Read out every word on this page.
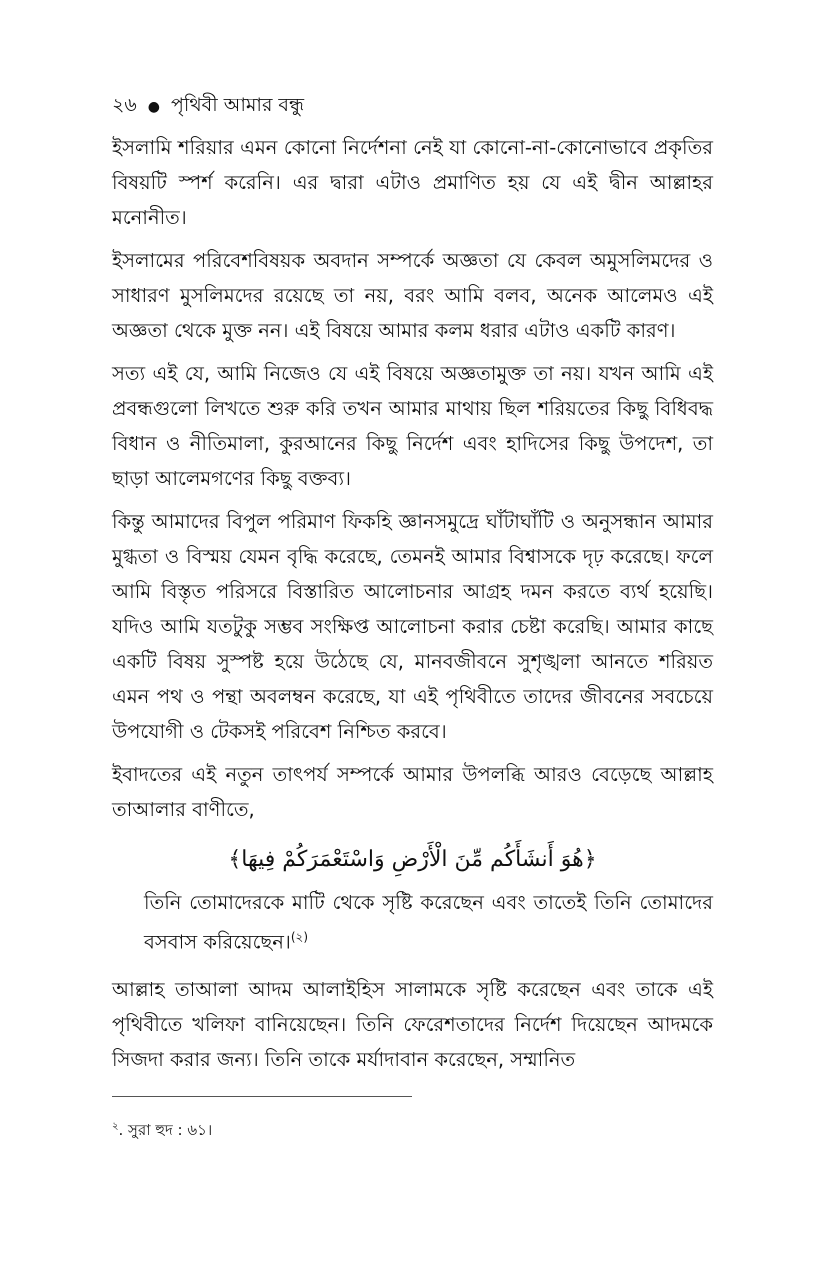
২৬ ● পৃথিবী আমার বন্ধু

ইসলামি শরিয়ার এমন কোনো নির্দেশনা নেই যা কোনো-না-কোনোভাবে প্রকৃতির বিষয়টি স্পর্শ করেনি। এর দ্বারা এটাও প্রমাণিত হয় যে এই দ্বীন আল্লাহর মনোনীত।

ইসলামের পরিবেশবিষয়ক অবদান সম্পর্কে অজ্ঞতা যে কেবল অমুসলিমদের ও সাধারণ মুসলিমদের রয়েছে তা নয়, বরং আমি বলব, অনেক আলেমও এই অজ্ঞতা থেকে মুক্ত নন। এই বিষয়ে আমার কলম ধরার এটাও একটি কারণ।

সত্য এই যে, আমি নিজেও যে এই বিষয়ে অজ্ঞতামুক্ত তা নয়। যখন আমি এই প্রবন্ধগুলো লিখতে শুরু করি তখন আমার মাথায় ছিল শরিয়তের কিছু বিধিবদ্ধ বিধান ও নীতিমালা, কুরআনের কিছু নির্দেশ এবং হাদিসের কিছু উপদেশ, তা ছাড়া আলেমগণের কিছু বক্তব্য।

কিন্তু আমাদের বিপুল পরিমাণ ফিকহি জ্ঞানসমুদ্রে ঘাঁটাঘাঁটি ও অনুসন্ধান আমার মুগ্ধতা ও বিস্ময় যেমন বৃদ্ধি করেছে, তেমনই আমার বিশ্বাসকে দৃঢ় করেছে। ফলে আমি বিস্তৃত পরিসরে বিস্তারিত আলোচনার আগ্রহ দমন করতে ব্যর্থ হয়েছি। যদিও আমি যতটুকু সম্ভব সংক্ষিপ্ত আলোচনা করার চেষ্টা করেছি। আমার কাছে একটি বিষয় সুস্পষ্ট হয়ে উঠেছে যে, মানবজীবনে সুশৃঙ্খলা আনতে শরিয়ত এমন পথ ও পন্থা অবলম্বন করেছে, যা এই পৃথিবীতে তাদের জীবনের সবচেয়ে উপযোগী ও টেকসই পরিবেশ নিশ্চিত করবে।

ইবাদতের এই নতুন তাৎপর্য সম্পর্কে আমার উপলব্ধি আরও বেড়েছে আল্লাহ তাআলার বাণীতে,

﴿هُوَ أَنشَأَكُم مِّنَ الْأَرْضِ وَاسْتَعْمَرَكُمْ فِيهَا﴾

তিনি তোমাদেরকে মাটি থেকে সৃষ্টি করেছেন এবং তাতেই তিনি তোমাদের বসবাস করিয়েছেন।$^{(২)}$

আল্লাহ তাআলা আদম আলাইহিস সালামকে সৃষ্টি করেছেন এবং তাকে এই পৃথিবীতে খলিফা বানিয়েছেন। তিনি ফেরেশতাদের নির্দেশ দিয়েছেন আদমকে সিজদা করার জন্য। তিনি তাকে মর্যাদাবান করেছেন, সম্মানিত

$^২$. সুরা হুদ : ৬১।
